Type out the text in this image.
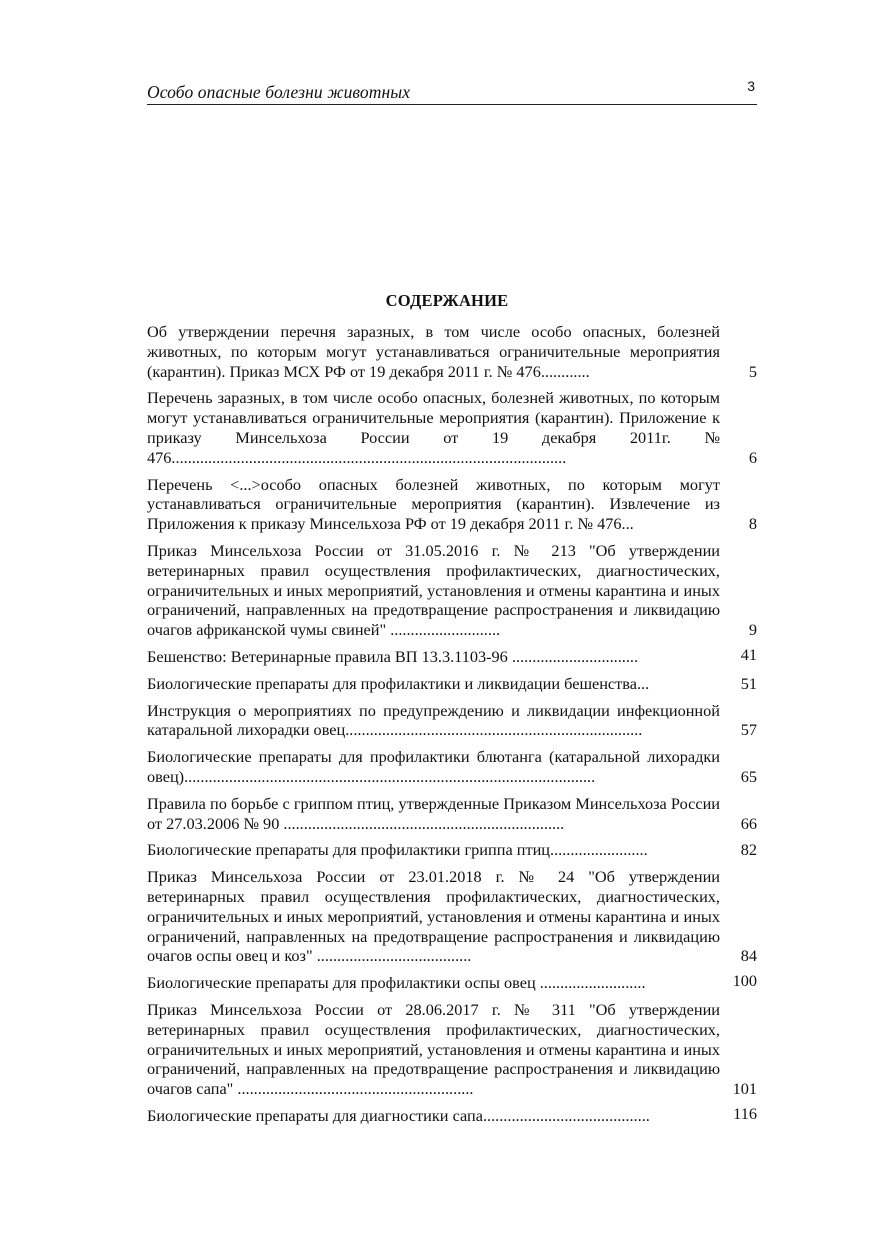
Особо опасные болезни животных	3
СОДЕРЖАНИЕ
Об утверждении перечня заразных, в том числе особо опасных, болезней животных, по которым могут устанавливаться ограничительные мероприятия (карантин). Приказ МСХ РФ от 19 декабря 2011 г. № 476............	5
Перечень заразных, в том числе особо опасных, болезней животных, по которым могут устанавливаться ограничительные мероприятия (карантин). Приложение к приказу Минсельхоза России от 19 декабря 2011г. № 476.................................................................................................	6
Перечень <...>особо опасных болезней животных, по которым могут устанавливаться ограничительные мероприятия (карантин). Извлечение из Приложения к приказу Минсельхоза РФ от 19 декабря 2011 г. № 476...	8
Приказ Минсельхоза России от 31.05.2016 г. № 213 "Об утверждении ветеринарных правил осуществления профилактических, диагностических, ограничительных и иных мероприятий, установления и отмены карантина и иных ограничений, направленных на предотвращение распространения и ликвидацию очагов африканской чумы свиней" ...........................	9
Бешенство: Ветеринарные правила ВП 13.3.1103-96 ...............................	41
Биологические препараты для профилактики и ликвидации бешенства...	51
Инструкция о мероприятиях по предупреждению и ликвидации инфекционной катаральной лихорадки овец.........................................................................	57
Биологические препараты для профилактики блютанга (катаральной лихорадки овец).....................................................................................................	65
Правила по борьбе с гриппом птиц, утвержденные Приказом Минсельхоза России от 27.03.2006 № 90 .....................................................................	66
Биологические препараты для профилактики гриппа птиц........................	82
Приказ Минсельхоза России от 23.01.2018 г. № 24 "Об утверждении ветеринарных правил осуществления профилактических, диагностических, ограничительных и иных мероприятий, установления и отмены карантина и иных ограничений, направленных на предотвращение распространения и ликвидацию очагов оспы овец и коз" ......................................	84
Биологические препараты для профилактики оспы овец ..........................	100
Приказ Минсельхоза России от 28.06.2017 г. № 311 "Об утверждении ветеринарных правил осуществления профилактических, диагностических, ограничительных и иных мероприятий, установления и отмены карантина и иных ограничений, направленных на предотвращение распространения и ликвидацию очагов сапа" ..........................................................	101
Биологические препараты для диагностики сапа.........................................	116
